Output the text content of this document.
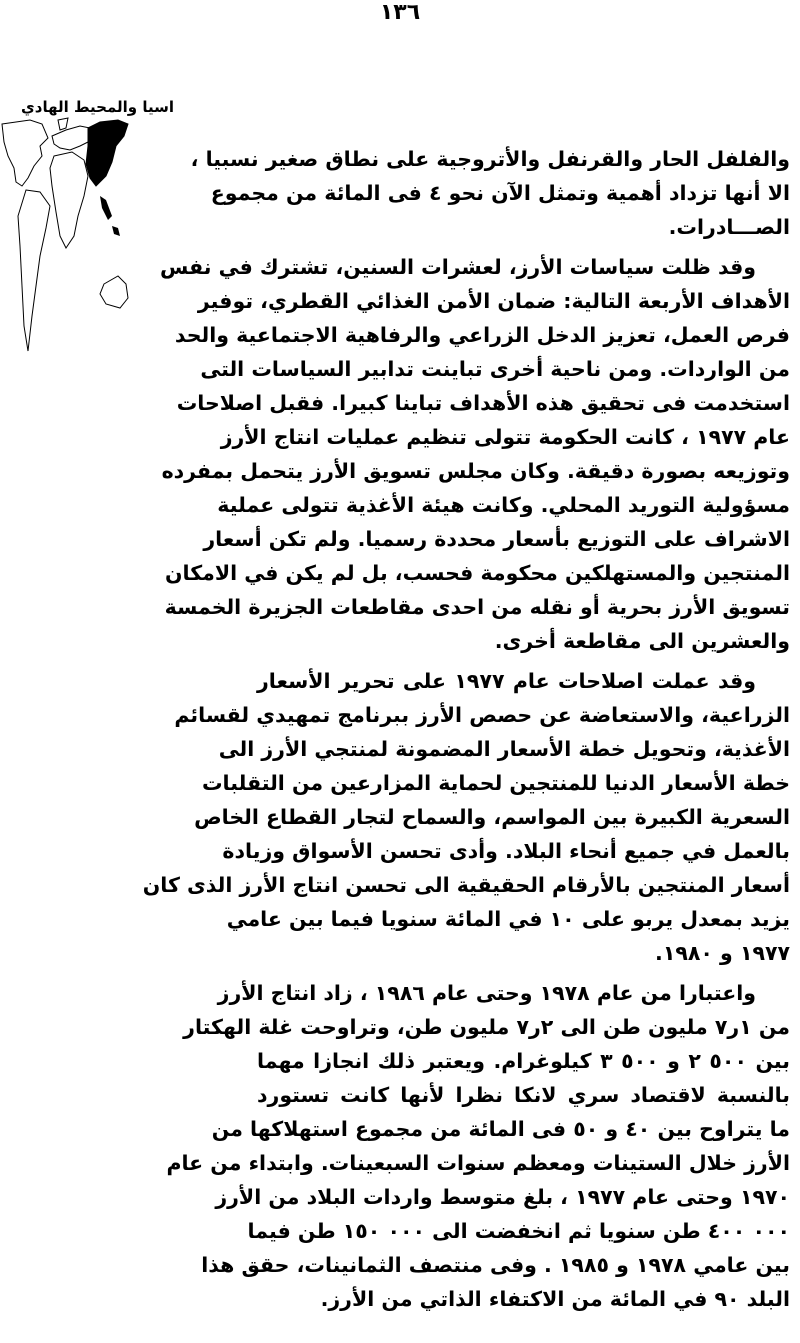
١٣٦
اسيا والمحيط الهادي
والفلفل الحار والقرنفل والأتروجية على نطاق صغير نسبيا ،
الا أنها تزداد أهمية وتمثل الآن نحو ٤ فى المائة من مجموع
الصـــادرات.
وقد ظلت سياسات الأرز، لعشرات السنين، تشترك في نفس
الأهداف الأربعة التالية: ضمان الأمن الغذائي القطري، توفير
فرص العمل، تعزيز الدخل الزراعي والرفاهية الاجتماعية والحد
من الواردات. ومن ناحية أخرى تباينت تدابير السياسات التى
استخدمت فى تحقيق هذه الأهداف تباينا كبيرا. فقبل اصلاحات
عام ١٩٧٧ ، كانت الحكومة تتولى تنظيم عمليات انتاج الأرز
وتوزيعه بصورة دقيقة. وكان مجلس تسويق الأرز يتحمل بمفرده
مسؤولية التوريد المحلي. وكانت هيئة الأغذية تتولى عملية
الاشراف على التوزيع بأسعار محددة رسميا. ولم تكن أسعار
المنتجين والمستهلكين محكومة فحسب، بل لم يكن في الامكان
تسويق الأرز بحرية أو نقله من احدى مقاطعات الجزيرة الخمسة
والعشرين الى مقاطعة أخرى.
وقد عملت اصلاحات عام ١٩٧٧ على تحرير الأسعار
الزراعية، والاستعاضة عن حصص الأرز ببرنامج تمهيدي لقسائم
الأغذية، وتحويل خطة الأسعار المضمونة لمنتجي الأرز الى
خطة الأسعار الدنيا للمنتجين لحماية المزارعين من التقلبات
السعرية الكبيرة بين المواسم، والسماح لتجار القطاع الخاص
بالعمل في جميع أنحاء البلاد. وأدى تحسن الأسواق وزيادة
أسعار المنتجين بالأرقام الحقيقية الى تحسن انتاج الأرز الذى كان
يزيد بمعدل يربو على ١٠ في المائة سنويا فيما بين عامي
١٩٧٧ و ١٩٨٠.
واعتبارا من عام ١٩٧٨ وحتى عام ١٩٨٦ ، زاد انتاج الأرز
من ١ر٧ مليون طن الى ٢ر٧ مليون طن، وتراوحت غلة الهكتار
بين ٥٠٠ ٢ و ٥٠٠ ٣ كيلوغرام. ويعتبر ذلك انجازا مهما
بالنسبة لاقتصاد سري لانكا نظرا لأنها كانت تستورد
ما يتراوح بين ٤٠ و ٥٠ فى المائة من مجموع استهلاكها من
الأرز خلال الستينات ومعظم سنوات السبعينات. وابتداء من عام
١٩٧٠ وحتى عام ١٩٧٧ ، بلغ متوسط واردات البلاد من الأرز
٠٠٠ ٤٠٠ طن سنويا ثم انخفضت الى ٠٠٠ ١٥٠ طن فيما
بين عامي ١٩٧٨ و ١٩٨٥ . وفى منتصف الثمانينات، حقق هذا
البلد ٩٠ في المائة من الاكتفاء الذاتي من الأرز.
